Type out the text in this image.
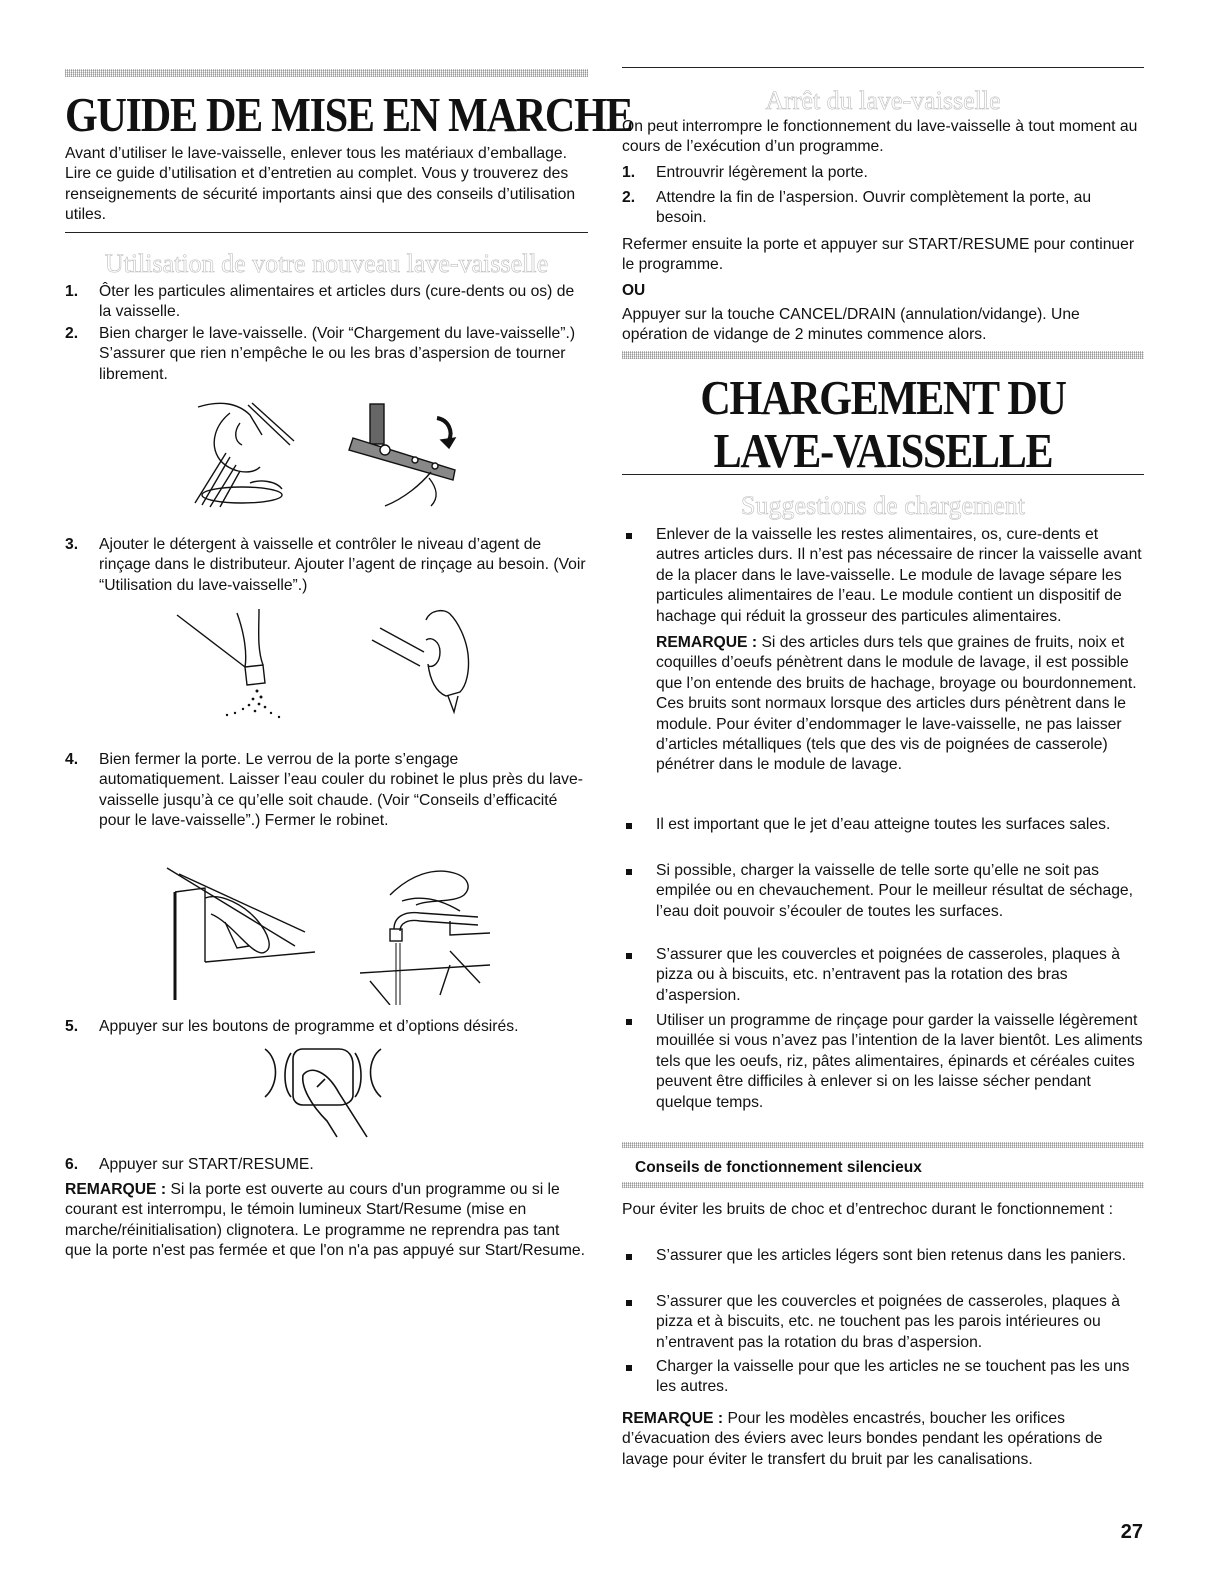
GUIDE DE MISE EN MARCHE

Avant d’utiliser le lave-vaisselle, enlever tous les matériaux d’emballage. Lire ce guide d’utilisation et d’entretien au complet. Vous y trouverez des renseignements de sécurité importants ainsi que des conseils d’utilisation utiles.

Utilisation de votre nouveau lave-vaisselle
1. Ôter les particules alimentaires et articles durs (cure-dents ou os) de la vaisselle.
2. Bien charger le lave-vaisselle. (Voir “Chargement du lave-vaisselle”.) S’assurer que rien n’empêche le ou les bras d’aspersion de tourner librement.
3. Ajouter le détergent à vaisselle et contrôler le niveau d’agent de rinçage dans le distributeur. Ajouter l’agent de rinçage au besoin. (Voir “Utilisation du lave-vaisselle”.)
4. Bien fermer la porte. Le verrou de la porte s’engage automatiquement. Laisser l’eau couler du robinet le plus près du lave-vaisselle jusqu’à ce qu’elle soit chaude. (Voir “Conseils d’efficacité pour le lave-vaisselle”.) Fermer le robinet.
5. Appuyer sur les boutons de programme et d’options désirés.
6. Appuyer sur START/RESUME.

REMARQUE : Si la porte est ouverte au cours d'un programme ou si le courant est interrompu, le témoin lumineux Start/Resume (mise en marche/réinitialisation) clignotera. Le programme ne reprendra pas tant que la porte n'est pas fermée et que l'on n'a pas appuyé sur Start/Resume.

Arrêt du lave-vaisselle

On peut interrompre le fonctionnement du lave-vaisselle à tout moment au cours de l’exécution d’un programme.

1. Entrouvrir légèrement la porte.
2. Attendre la fin de l’aspersion. Ouvrir complètement la porte, au besoin.

Refermer ensuite la porte et appuyer sur START/RESUME pour continuer le programme.

OU

Appuyer sur la touche CANCEL/DRAIN (annulation/vidange). Une opération de vidange de 2 minutes commence alors.

CHARGEMENT DU
LAVE-VAISSELLE
Suggestions de chargement

Enlever de la vaisselle les restes alimentaires, os, cure-dents et autres articles durs. Il n’est pas nécessaire de rincer la vaisselle avant de la placer dans le lave-vaisselle. Le module de lavage sépare les particules alimentaires de l’eau. Le module contient un dispositif de hachage qui réduit la grosseur des particules alimentaires.

REMARQUE : Si des articles durs tels que graines de fruits, noix et coquilles d’oeufs pénètrent dans le module de lavage, il est possible que l’on entende des bruits de hachage, broyage ou bourdonnement. Ces bruits sont normaux lorsque des articles durs pénètrent dans le module. Pour éviter d’endommager le lave-vaisselle, ne pas laisser d’articles métalliques (tels que des vis de poignées de casserole) pénétrer dans le module de lavage.

Il est important que le jet d’eau atteigne toutes les surfaces sales.

Si possible, charger la vaisselle de telle sorte qu’elle ne soit pas empilée ou en chevauchement. Pour le meilleur résultat de séchage, l’eau doit pouvoir s’écouler de toutes les surfaces.

S’assurer que les couvercles et poignées de casseroles, plaques à pizza ou à biscuits, etc. n’entravent pas la rotation des bras d’aspersion.

Utiliser un programme de rinçage pour garder la vaisselle légèrement mouillée si vous n’avez pas l’intention de la laver bientôt. Les aliments tels que les oeufs, riz, pâtes alimentaires, épinards et céréales cuites peuvent être difficiles à enlever si on les laisse sécher pendant quelque temps.

Conseils de fonctionnement silencieux

Pour éviter les bruits de choc et d’entrechoc durant le fonctionnement :

S’assurer que les articles légers sont bien retenus dans les paniers.

S’assurer que les couvercles et poignées de casseroles, plaques à pizza et à biscuits, etc. ne touchent pas les parois intérieures ou n’entravent pas la rotation du bras d’aspersion.

Charger la vaisselle pour que les articles ne se touchent pas les uns les autres.

REMARQUE : Pour les modèles encastrés, boucher les orifices d’évacuation des éviers avec leurs bondes pendant les opérations de lavage pour éviter le transfert du bruit par les canalisations.

27
